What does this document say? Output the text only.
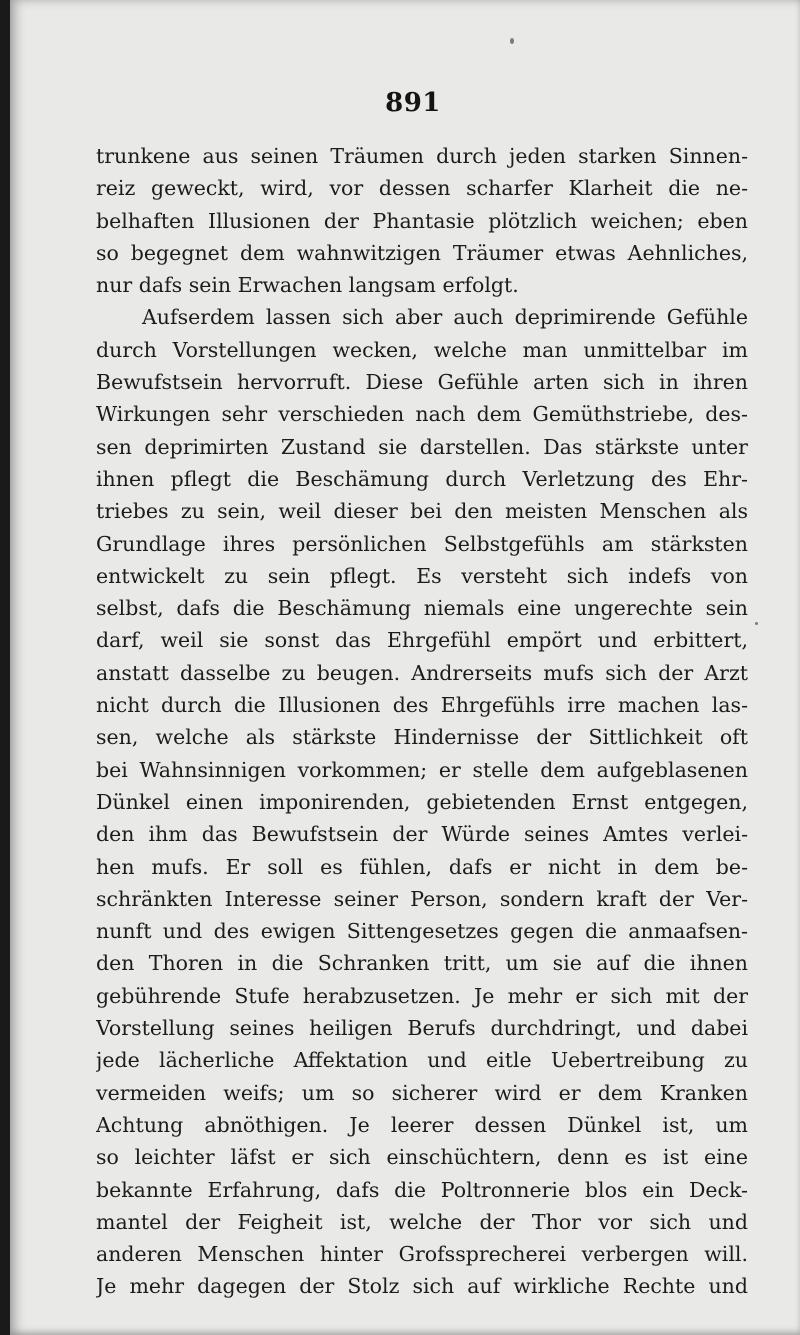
891
trunkene aus seinen Träumen durch jeden starken Sinnen-
reiz geweckt, wird, vor dessen scharfer Klarheit die ne-
belhaften Illusionen der Phantasie plötzlich weichen; eben
so begegnet dem wahnwitzigen Träumer etwas Aehnliches,
nur dafs sein Erwachen langsam erfolgt.
Aufserdem lassen sich aber auch deprimirende Gefühle
durch Vorstellungen wecken, welche man unmittelbar im
Bewufstsein hervorruft. Diese Gefühle arten sich in ihren
Wirkungen sehr verschieden nach dem Gemüthstriebe, des-
sen deprimirten Zustand sie darstellen. Das stärkste unter
ihnen pflegt die Beschämung durch Verletzung des Ehr-
triebes zu sein, weil dieser bei den meisten Menschen als
Grundlage ihres persönlichen Selbstgefühls am stärksten
entwickelt zu sein pflegt. Es versteht sich indefs von
selbst, dafs die Beschämung niemals eine ungerechte sein
darf, weil sie sonst das Ehrgefühl empört und erbittert,
anstatt dasselbe zu beugen. Andrerseits mufs sich der Arzt
nicht durch die Illusionen des Ehrgefühls irre machen las-
sen, welche als stärkste Hindernisse der Sittlichkeit oft
bei Wahnsinnigen vorkommen; er stelle dem aufgeblasenen
Dünkel einen imponirenden, gebietenden Ernst entgegen,
den ihm das Bewufstsein der Würde seines Amtes verlei-
hen mufs. Er soll es fühlen, dafs er nicht in dem be-
schränkten Interesse seiner Person, sondern kraft der Ver-
nunft und des ewigen Sittengesetzes gegen die anmaafsen-
den Thoren in die Schranken tritt, um sie auf die ihnen
gebührende Stufe herabzusetzen. Je mehr er sich mit der
Vorstellung seines heiligen Berufs durchdringt, und dabei
jede lächerliche Affektation und eitle Uebertreibung zu
vermeiden weifs; um so sicherer wird er dem Kranken
Achtung abnöthigen. Je leerer dessen Dünkel ist, um
so leichter läfst er sich einschüchtern, denn es ist eine
bekannte Erfahrung, dafs die Poltronnerie blos ein Deck-
mantel der Feigheit ist, welche der Thor vor sich und
anderen Menschen hinter Grofssprecherei verbergen will.
Je mehr dagegen der Stolz sich auf wirkliche Rechte und
